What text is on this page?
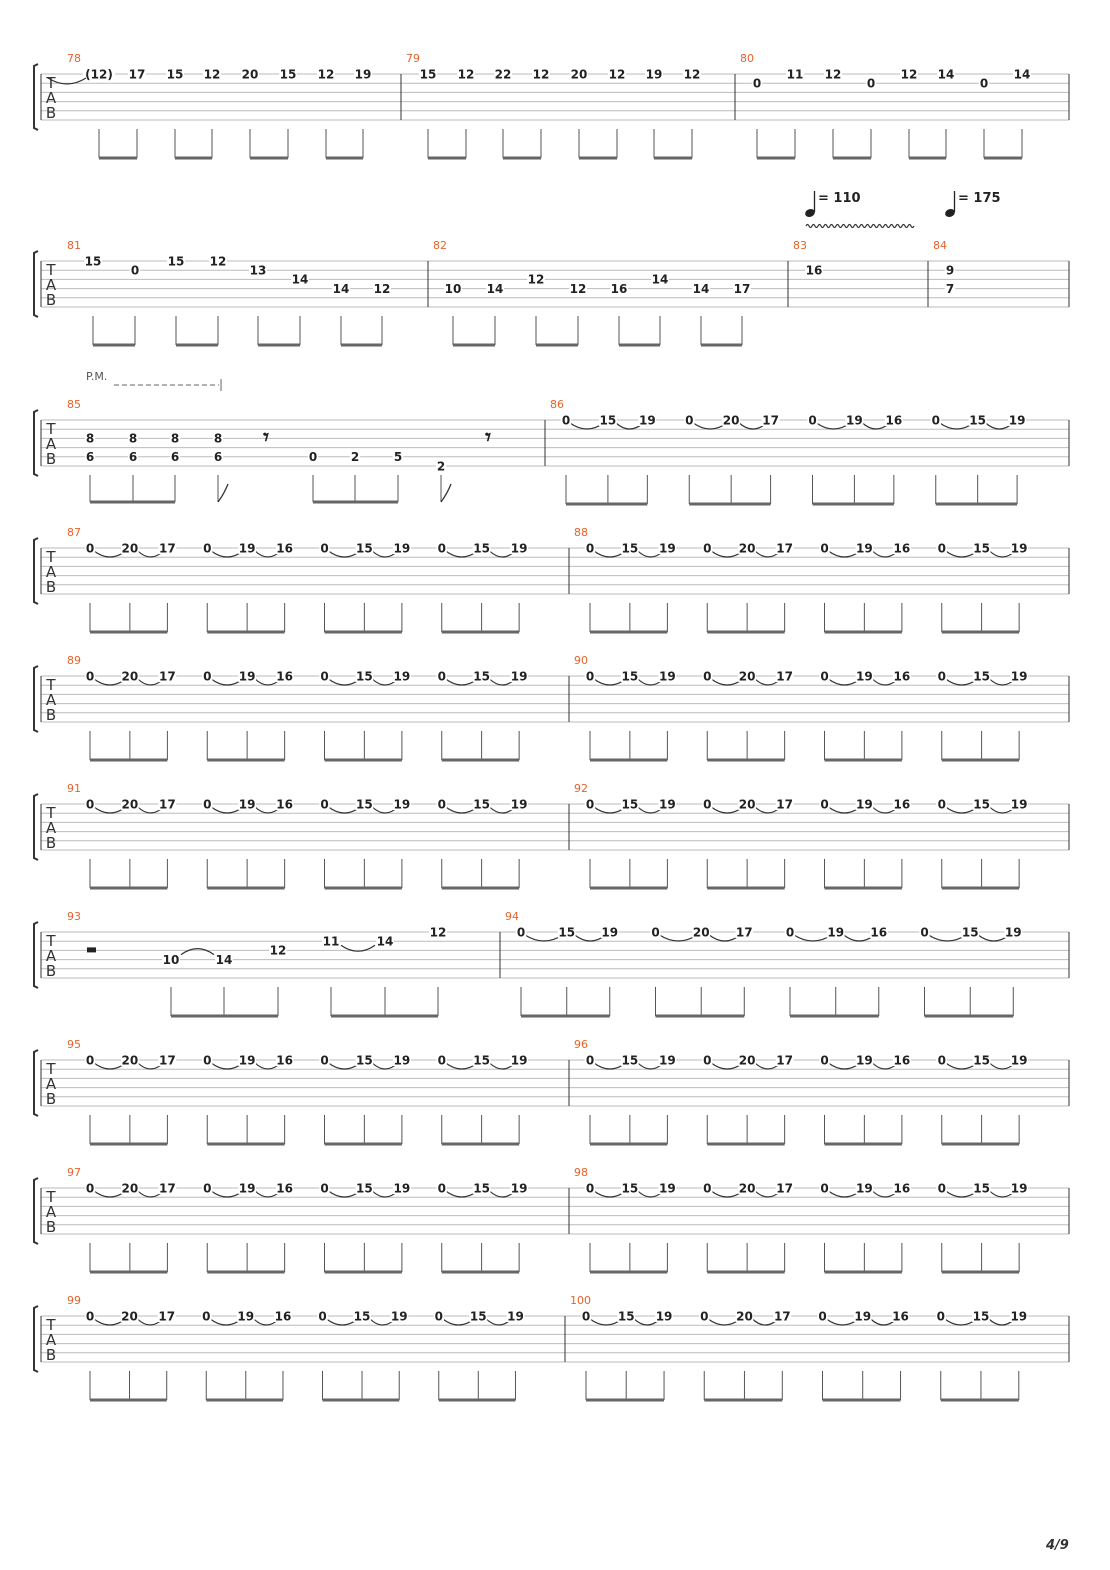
T
A
B
78
(12) 17 15 12 20 15 12 19
79
15 12 22 12 20 12 19 12
80
0
11 12
0
12 14
0
14
T
A
B
81
15
0
15 12
13
14
14 12
82
10 14
12
12 16
14
14 17
83
16
84
9
7
T
A
B
85
P.M.
8
6
8
6
8
6
8
6	0	2	5
2
𝄾	𝄾
86
0 15 19 0 20 17 0 19 16 0 15 19
T
A
B
87
0 20 17 0 19 16 0 15 19 0 15 19
88
0 15 19 0 20 17 0 19 16 0 15 19
T
A
B
89
0 20 17 0 19 16 0 15 19 0 15 19
90
0 15 19 0 20 17 0 19 16 0 15 19
T
A
B
91
0 20 17 0 19 16 0 15 19 0 15 19
92
0 15 19 0 20 17 0 19 16 0 15 19
T
A
B
93
10	14
12
11	14
12
94
0	15 19	0	20 17	0	19 16	0	15 19
T
A
B
95
0 20 17 0 19 16 0 15 19 0 15 19
96
0 15 19 0 20 17 0 19 16 0 15 19
T
A
B
97
0 20 17 0 19 16 0 15 19 0 15 19
98
0 15 19 0 20 17 0 19 16 0 15 19
T
A
B
99
0 20 17 0 19 16 0 15 19 0 15 19
100
0 15 19 0 20 17 0 19 16 0 15 19
= 110	= 175
4/9
